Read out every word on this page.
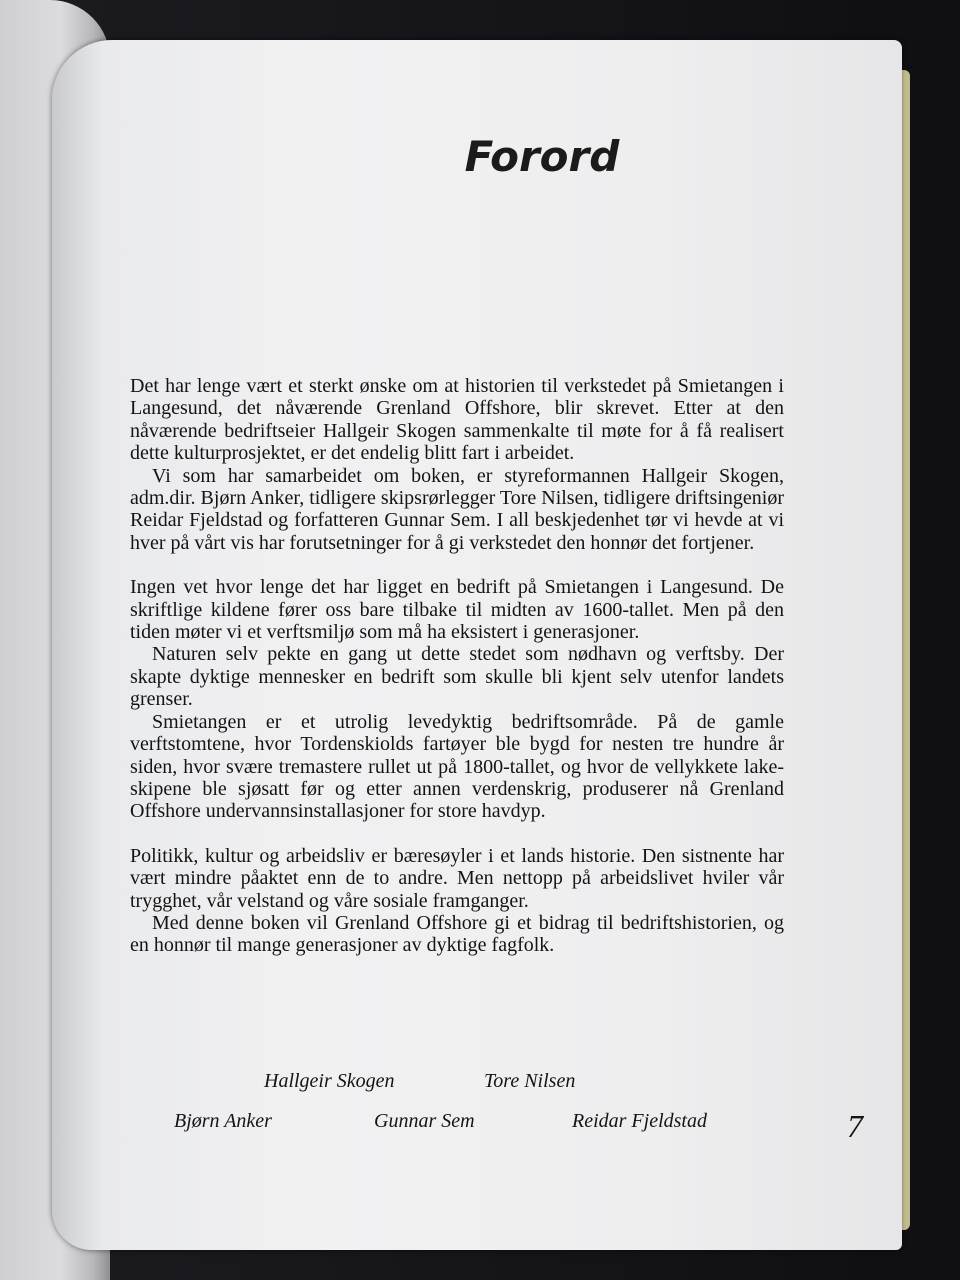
Forord

Det har lenge vært et sterkt ønske om at historien til verkstedet på Smietangen i Langesund, det nåværende Grenland Offshore, blir skrevet. Etter at den nåværende bedriftseier Hallgeir Skogen sammenkalte til møte for å få realisert dette kulturprosjektet, er det endelig blitt fart i arbeidet.

Vi som har samarbeidet om boken, er styreformannen Hallgeir Skogen, adm.dir. Bjørn Anker, tidligere skipsrørlegger Tore Nilsen, tidligere driftsingeniør Reidar Fjeldstad og forfatteren Gunnar Sem. I all beskjedenhet tør vi hevde at vi hver på vårt vis har forutsetninger for å gi verkstedet den honnør det fortjener.

Ingen vet hvor lenge det har ligget en bedrift på Smietangen i Langesund. De skriftlige kildene fører oss bare tilbake til midten av 1600-tallet. Men på den tiden møter vi et verftsmiljø som må ha eksistert i generasjoner.

Naturen selv pekte en gang ut dette stedet som nødhavn og verftsby. Der skapte dyktige mennesker en bedrift som skulle bli kjent selv utenfor landets grenser.

Smietangen er et utrolig levedyktig bedriftsområde. På de gamle verftstomtene, hvor Tordenskiolds fartøyer ble bygd for nesten tre hundre år siden, hvor svære tremastere rullet ut på 1800-tallet, og hvor de vellykkete lake-skipene ble sjøsatt før og etter annen verdenskrig, produserer nå Grenland Offshore undervannsinstallasjoner for store havdyp.

Politikk, kultur og arbeidsliv er bæresøyler i et lands historie. Den sistnente har vært mindre påaktet enn de to andre. Men nettopp på arbeidslivet hviler vår trygghet, vår velstand og våre sosiale framganger.

Med denne boken vil Grenland Offshore gi et bidrag til bedriftshistorien, og en honnør til mange generasjoner av dyktige fagfolk.

Hallgeir Skogen	Tore Nilsen
Bjørn Anker	Gunnar Sem	Reidar Fjeldstad	7
